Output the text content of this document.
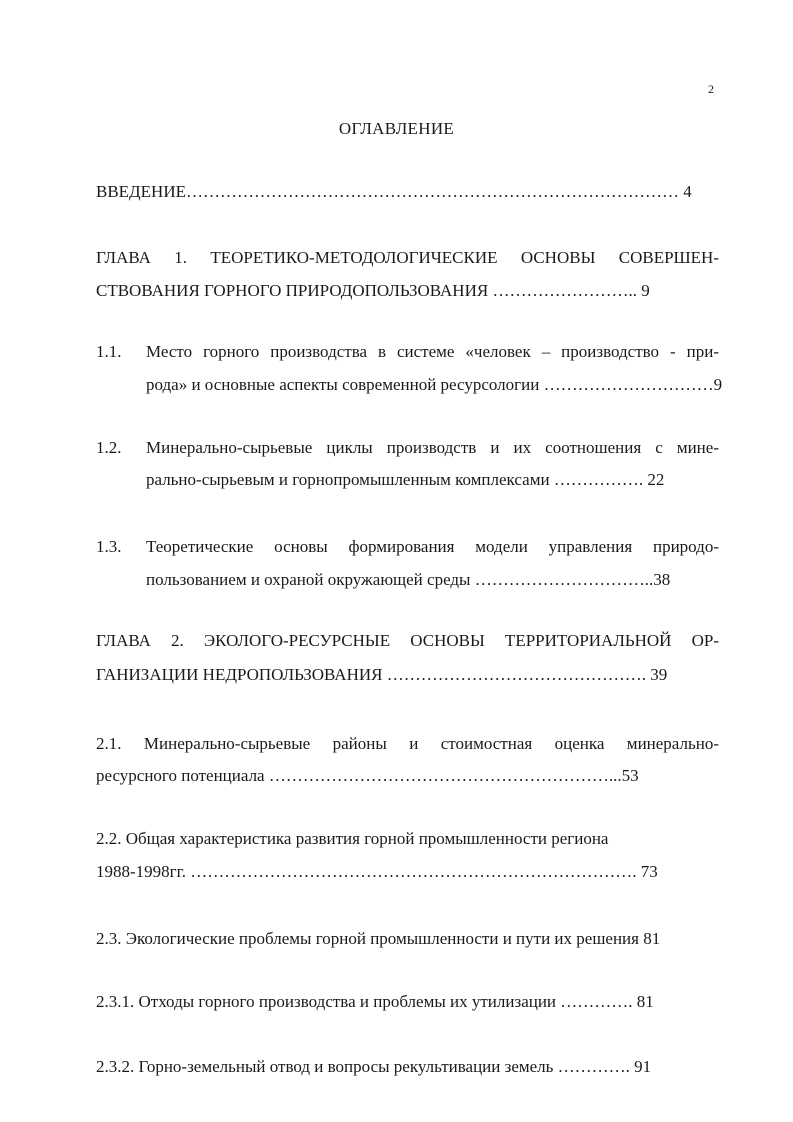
2
ОГЛАВЛЕНИЕ
ВВЕДЕНИЕ…………………………………………………………………………… 4
ГЛАВА 1. ТЕОРЕТИКО-МЕТОДОЛОГИЧЕСКИЕ ОСНОВЫ СОВЕРШЕН-
СТВОВАНИЯ ГОРНОГО ПРИРОДОПОЛЬЗОВАНИЯ …………………….. 9
1.1. Место горного производства в системе «человек – производство - при-
рода» и основные аспекты современной ресурсологии …………………………9
1.2. Минерально-сырьевые циклы производств и их соотношения с мине-
рально-сырьевым и горнопромышленным комплексами ……………. 22
1.3. Теоретические основы формирования модели управления природо-
пользованием и охраной окружающей среды …………………………..38
ГЛАВА 2. ЭКОЛОГО-РЕСУРСНЫЕ ОСНОВЫ ТЕРРИТОРИАЛЬНОЙ ОР-
ГАНИЗАЦИИ НЕДРОПОЛЬЗОВАНИЯ ………………………………………. 39
2.1. Минерально-сырьевые районы и стоимостная оценка минерально-
ресурсного потенциала ……………………………………………………...53
2.2. Общая характеристика развития горной промышленности региона
1988-1998гг. ……………………………………………………………………. 73
2.3. Экологические проблемы горной промышленности и пути их решения 81
2.3.1. Отходы горного производства и проблемы их утилизации …………. 81
2.3.2. Горно-земельный отвод и вопросы рекультивации земель …………. 91
